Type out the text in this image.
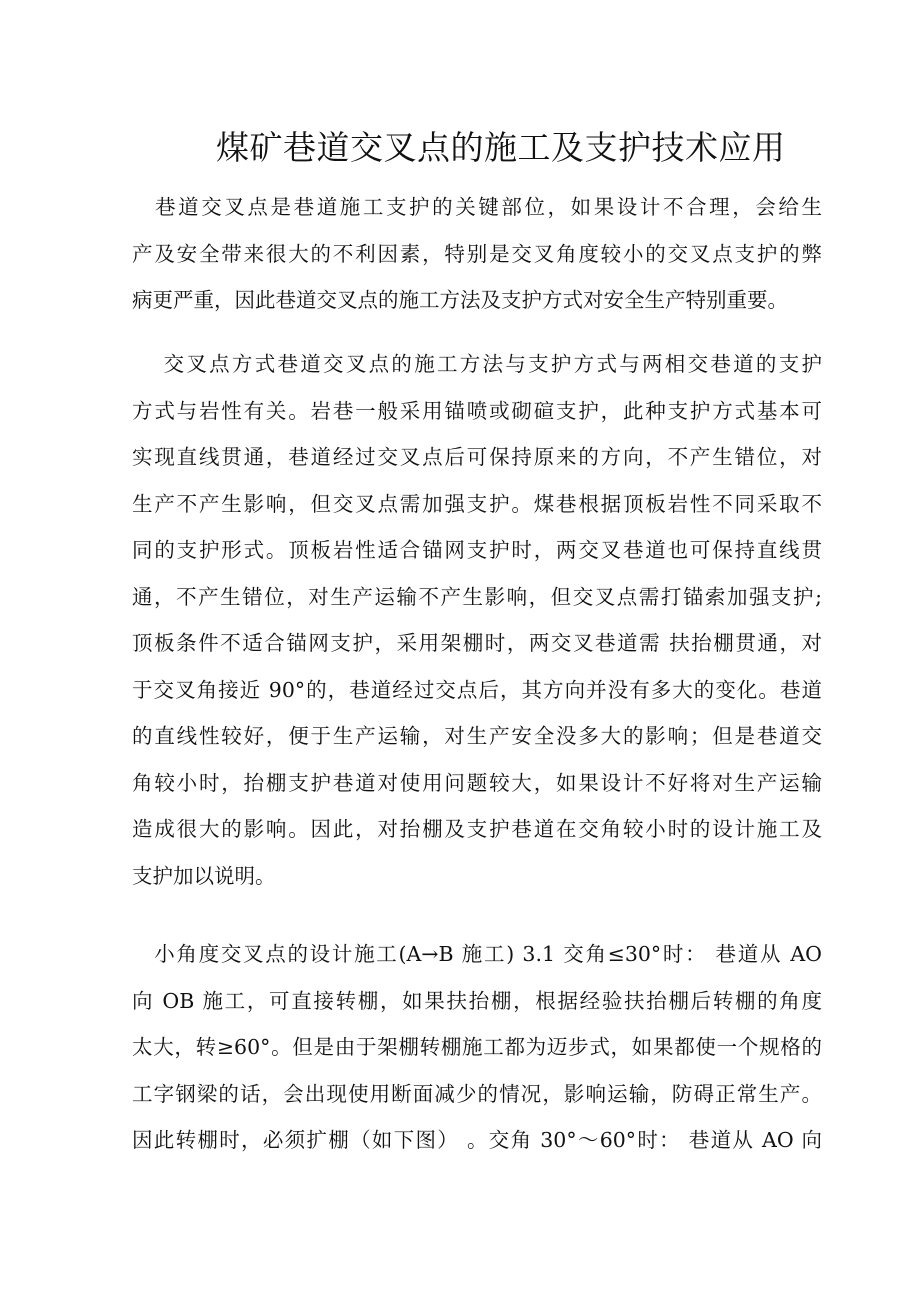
煤矿巷道交叉点的施工及支护技术应用
　巷道交叉点是巷道施工支护的关键部位，如果设计不合理，会给生
产及安全带来很大的不利因素，特别是交叉角度较小的交叉点支护的弊
病更严重，因此巷道交叉点的施工方法及支护方式对安全生产特别重要。
　 交叉点方式巷道交叉点的施工方法与支护方式与两相交巷道的支护
方式与岩性有关。岩巷一般采用锚喷或砌碹支护，此种支护方式基本可
实现直线贯通，巷道经过交叉点后可保持原来的方向，不产生错位，对
生产不产生影响，但交叉点需加强支护。煤巷根据顶板岩性不同采取不
同的支护形式。顶板岩性适合锚网支护时，两交叉巷道也可保持直线贯
通，不产生错位，对生产运输不产生影响，但交叉点需打锚索加强支护;
顶板条件不适合锚网支护，采用架棚时，两交叉巷道需 扶抬棚贯通，对
于交叉角接近 90°的，巷道经过交点后，其方向并没有多大的变化。巷道
的直线性较好，便于生产运输，对生产安全没多大的影响；但是巷道交
角较小时，抬棚支护巷道对使用问题较大，如果设计不好将对生产运输
造成很大的影响。因此，对抬棚及支护巷道在交角较小时的设计施工及
支护加以说明。
　小角度交叉点的设计施工(A→B 施工) 3.1 交角≤30°时： 巷道从 AO
向 OB 施工，可直接转棚，如果扶抬棚，根据经验扶抬棚后转棚的角度
太大，转≥60°。但是由于架棚转棚施工都为迈步式，如果都使一个规格的
工字钢梁的话，会出现使用断面减少的情况，影响运输，防碍正常生产。
因此转棚时，必须扩棚（如下图） 。交角 30°～60°时： 巷道从 AO 向
